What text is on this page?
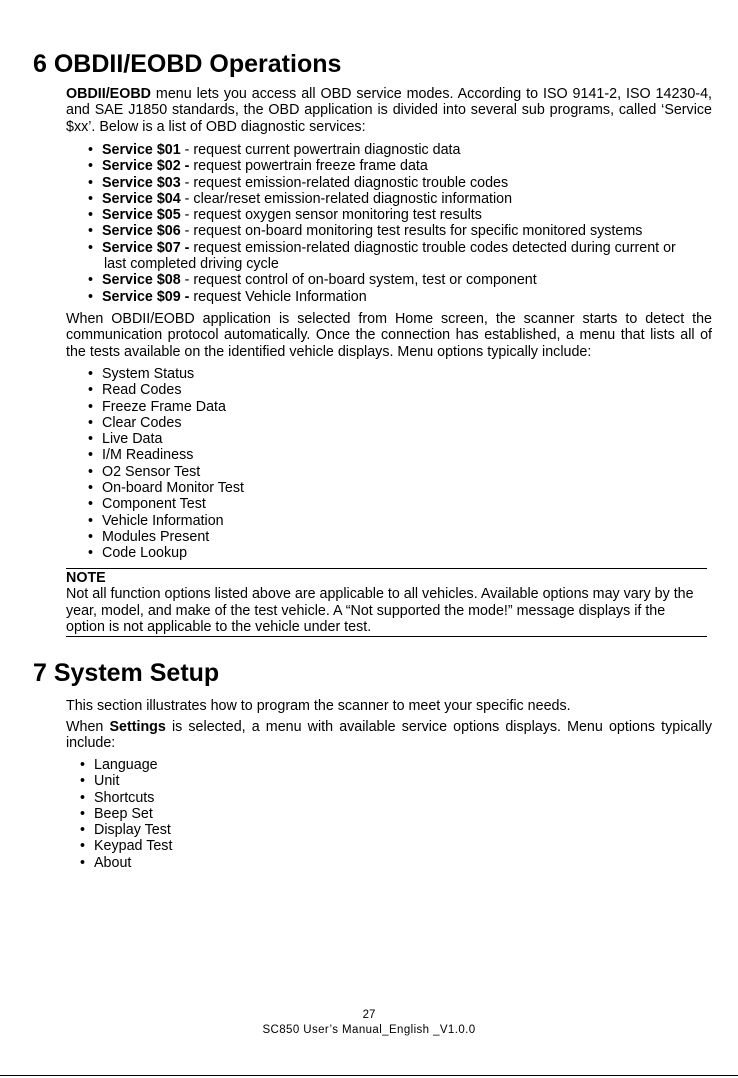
6 OBDII/EOBD Operations

OBDII/EOBD menu lets you access all OBD service modes. According to ISO 9141-2, ISO 14230-4, and SAE J1850 standards, the OBD application is divided into several sub programs, called ‘Service $xx’. Below is a list of OBD diagnostic services:

• Service $01 - request current powertrain diagnostic data
• Service $02 - request powertrain freeze frame data
• Service $03 - request emission-related diagnostic trouble codes
• Service $04 - clear/reset emission-related diagnostic information
• Service $05 - request oxygen sensor monitoring test results
• Service $06 - request on-board monitoring test results for specific monitored systems
• Service $07 - request emission-related diagnostic trouble codes detected during current or
last completed driving cycle
• Service $08 - request control of on-board system, test or component
• Service $09 - request Vehicle Information

When OBDII/EOBD application is selected from Home screen, the scanner starts to detect the communication protocol automatically. Once the connection has established, a menu that lists all of the tests available on the identified vehicle displays. Menu options typically include:

• System Status
• Read Codes
• Freeze Frame Data
• Clear Codes
• Live Data
• I/M Readiness
• O2 Sensor Test
• On-board Monitor Test
• Component Test
• Vehicle Information
• Modules Present
• Code Lookup
NOTE
Not all function options listed above are applicable to all vehicles. Available options may vary by the year, model, and make of the test vehicle. A “Not supported the mode!” message displays if the option is not applicable to the vehicle under test.
7 System Setup

This section illustrates how to program the scanner to meet your specific needs.

When Settings is selected, a menu with available service options displays. Menu options typically include:

• Language
• Unit
• Shortcuts
• Beep Set
• Display Test
• Keypad Test
• About
27
SC850 User’s Manual_English _V1.0.0
